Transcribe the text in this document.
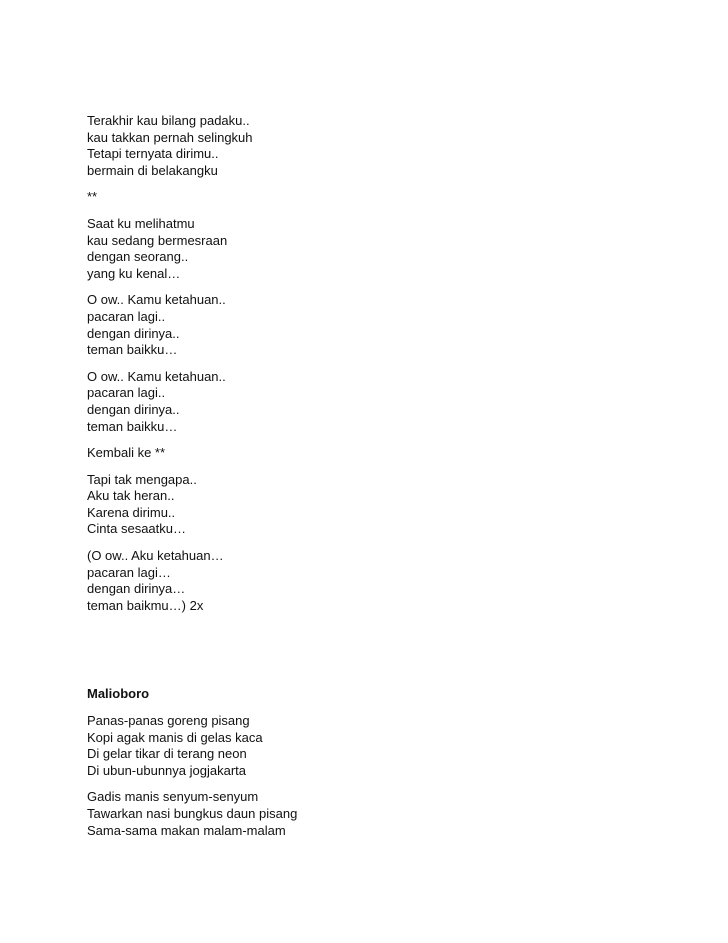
Terakhir kau bilang padaku..
kau takkan pernah selingkuh
Tetapi ternyata dirimu..
bermain di belakangku
**
Saat ku melihatmu
kau sedang bermesraan
dengan seorang..
yang ku kenal…
O ow.. Kamu ketahuan..
pacaran lagi..
dengan dirinya..
teman baikku…
O ow.. Kamu ketahuan..
pacaran lagi..
dengan dirinya..
teman baikku…
Kembali ke **
Tapi tak mengapa..
Aku tak heran..
Karena dirimu..
Cinta sesaatku…
(O ow.. Aku ketahuan…
pacaran lagi…
dengan dirinya…
teman baikmu…) 2x
Malioboro
Panas-panas goreng pisang
Kopi agak manis di gelas kaca
Di gelar tikar di terang neon
Di ubun-ubunnya jogjakarta
Gadis manis senyum-senyum
Tawarkan nasi bungkus daun pisang
Sama-sama makan malam-malam
